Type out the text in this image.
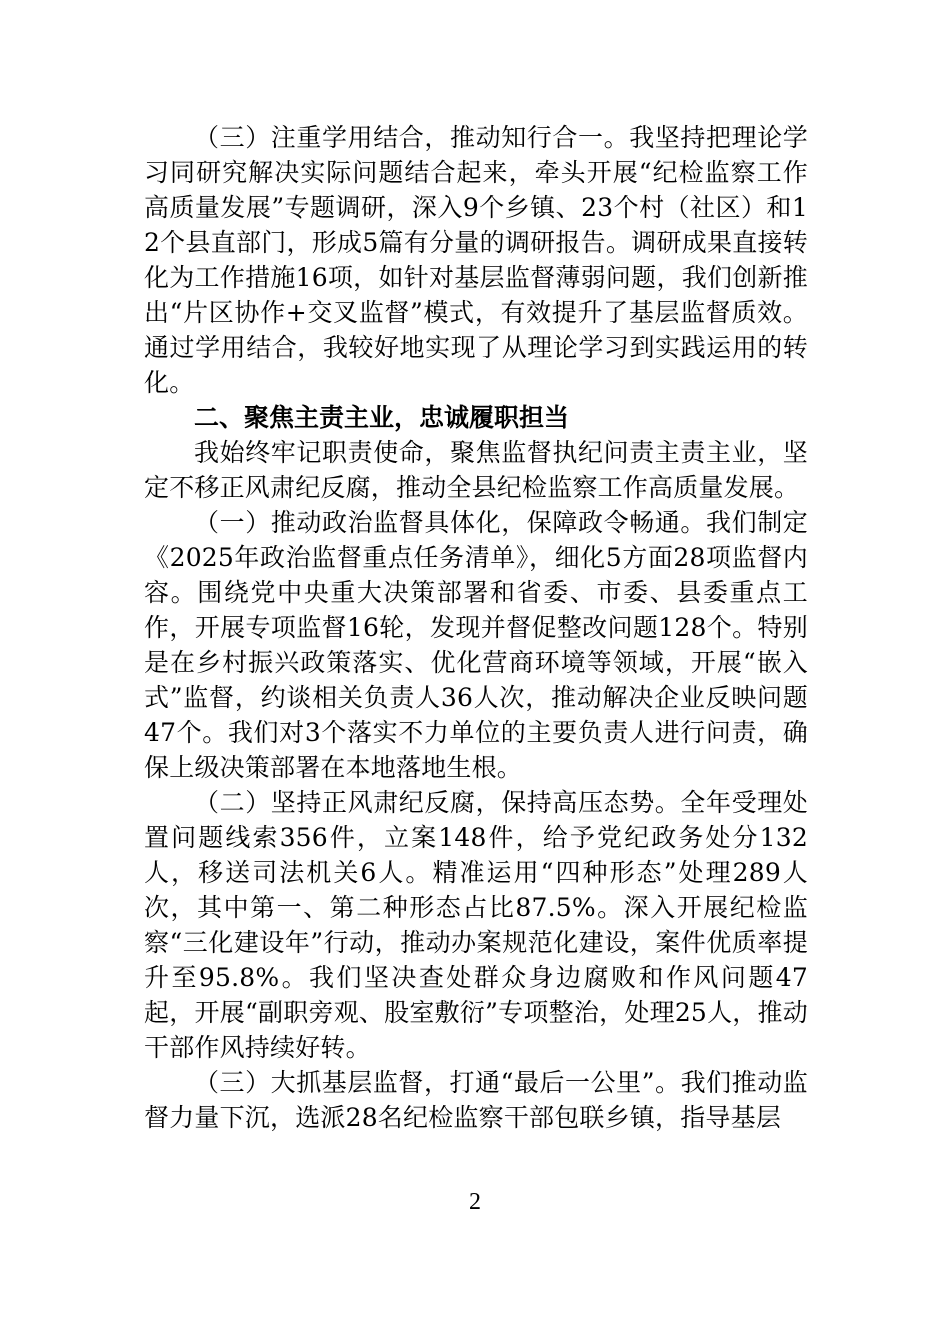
（三）注重学用结合，推动知行合一。我坚持把理论学习同研究解决实际问题结合起来，牵头开展“纪检监察工作高质量发展”专题调研，深入9个乡镇、23个村（社区）和12个县直部门，形成5篇有分量的调研报告。调研成果直接转化为工作措施16项，如针对基层监督薄弱问题，我们创新推出“片区协作+交叉监督”模式，有效提升了基层监督质效。通过学用结合，我较好地实现了从理论学习到实践运用的转化。

二、聚焦主责主业，忠诚履职担当

我始终牢记职责使命，聚焦监督执纪问责主责主业，坚定不移正风肃纪反腐，推动全县纪检监察工作高质量发展。

（一）推动政治监督具体化，保障政令畅通。我们制定《2025年政治监督重点任务清单》，细化5方面28项监督内容。围绕党中央重大决策部署和省委、市委、县委重点工作，开展专项监督16轮，发现并督促整改问题128个。特别是在乡村振兴政策落实、优化营商环境等领域，开展“嵌入式”监督，约谈相关负责人36人次，推动解决企业反映问题47个。我们对3个落实不力单位的主要负责人进行问责，确保上级决策部署在本地落地生根。

（二）坚持正风肃纪反腐，保持高压态势。全年受理处置问题线索356件，立案148件，给予党纪政务处分132人，移送司法机关6人。精准运用“四种形态”处理289人次，其中第一、第二种形态占比87.5%。深入开展纪检监察“三化建设年”行动，推动办案规范化建设，案件优质率提升至95.8%。我们坚决查处群众身边腐败和作风问题47起，开展“副职旁观、股室敷衍”专项整治，处理25人，推动干部作风持续好转。

（三）大抓基层监督，打通“最后一公里”。我们推动监督力量下沉，选派28名纪检监察干部包联乡镇，指导基层

2
